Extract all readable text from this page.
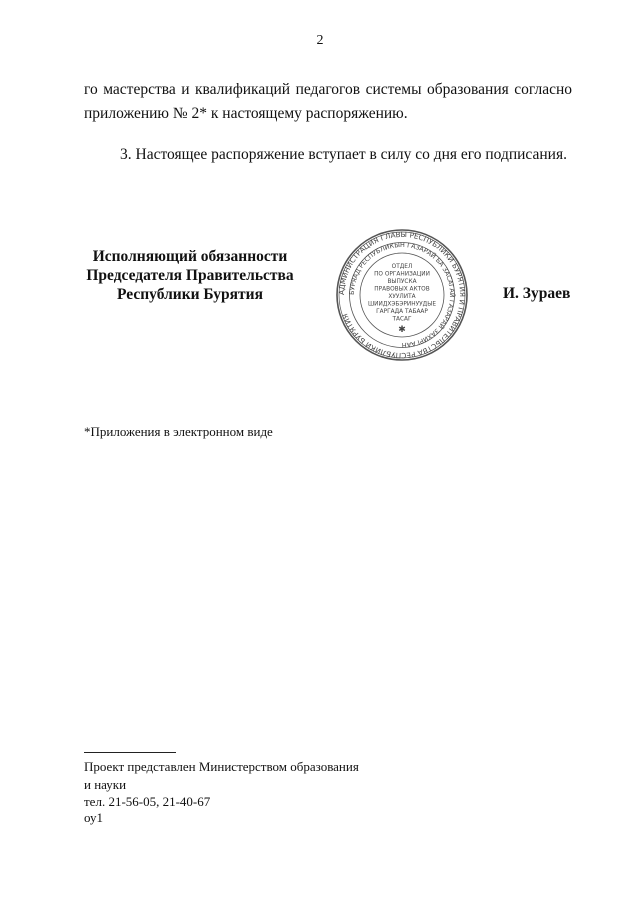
2
го мастерства и квалификаций педагогов системы образования согласно
приложению № 2* к настоящему распоряжению.
3. Настоящее распоряжение вступает в силу со дня его подписания.
Исполняющий обязанности
Председателя Правительства
Республики Бурятия	АДМИНИСТРАЦИЯ ГЛАВЫ РЕСПУБЛИКИ БУРЯТИЯ И ПРАВИТЕЛЬСТВА РЕСПУБЛИКИ БУРЯТИЯ
БУРЯАД РЕСПУБЛИКЫН ГАЗАРАЙ БА ЗАСАГАЙ ГАЗАРАЙ ЗАХИРГААН
ОТДЕЛ
ПО ОРГАНИЗАЦИИ
ВЫПУСКА
ПРАВОВЫХ АКТОВ
ХУУЛИТА
ШИИДХЭБЭРИНУУДЫЕ
ГАРГАДА ТАБААР
ТАСАГ
✱
И. Зураев
*Приложения в электронном виде
Проект представлен Министерством образования
и науки
тел. 21-56-05, 21-40-67
оу1
